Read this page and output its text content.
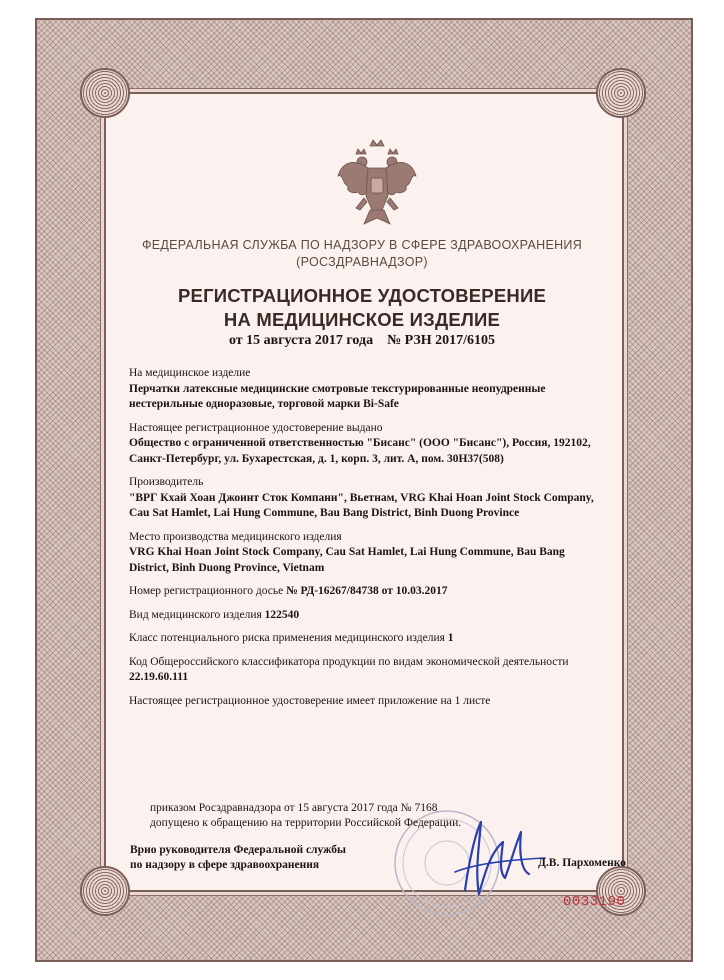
ФЕДЕРАЛЬНАЯ СЛУЖБА ПО НАДЗОРУ В СФЕРЕ ЗДРАВООХРАНЕНИЯ
(РОСЗДРАВНАДЗОР)
РЕГИСТРАЦИОННОЕ УДОСТОВЕРЕНИЕ
НА МЕДИЦИНСКОЕ ИЗДЕЛИЕ
от 15 августа 2017 года № РЗН 2017/6105
На медицинское изделие
Перчатки латексные медицинские смотровые текстурированные неопудренные нестерильные одноразовые, торговой марки Bi-Safe
Настоящее регистрационное удостоверение выдано
Общество с ограниченной ответственностью "Бисанс" (ООО "Бисанс"), Россия, 192102, Санкт-Петербург, ул. Бухарестская, д. 1, корп. 3, лит. А, пом. 30Н37(508)
Производитель
"ВРГ Кхай Хоан Джоинт Сток Компани", Вьетнам, VRG Khai Hoan Joint Stock Company, Cau Sat Hamlet, Lai Hung Commune, Bau Bang District, Binh Duong Province
Место производства медицинского изделия
VRG Khai Hoan Joint Stock Company, Cau Sat Hamlet, Lai Hung Commune, Bau Bang District, Binh Duong Province, Vietnam
Номер регистрационного досье № РД-16267/84738 от 10.03.2017
Вид медицинского изделия 122540
Класс потенциального риска применения медицинского изделия 1
Код Общероссийского классификатора продукции по видам экономической деятельности 22.19.60.111
Настоящее регистрационное удостоверение имеет приложение на 1 листе
приказом Росздравнадзора от 15 августа 2017 года № 7168
допущено к обращению на территории Российской Федерации.
Врио руководителя Федеральной службы
по надзору в сфере здравоохранения	Д.В. Пархоменко
0033190
